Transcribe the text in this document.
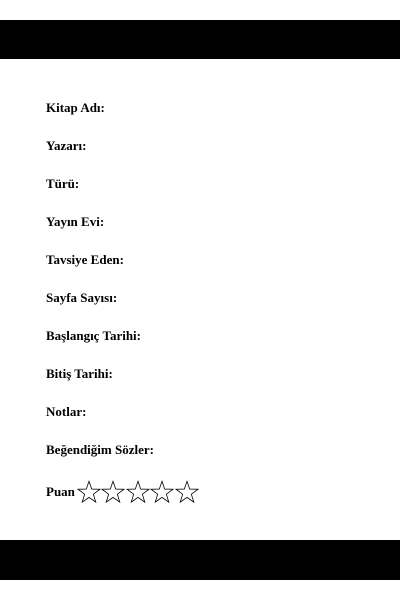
Kitap Adı:
Yazarı:
Türü:
Yayın Evi:
Tavsiye Eden:
Sayfa Sayısı:
Başlangıç Tarihi:
Bitiş Tarihi:
Notlar:
Beğendiğim Sözler:
Puan
